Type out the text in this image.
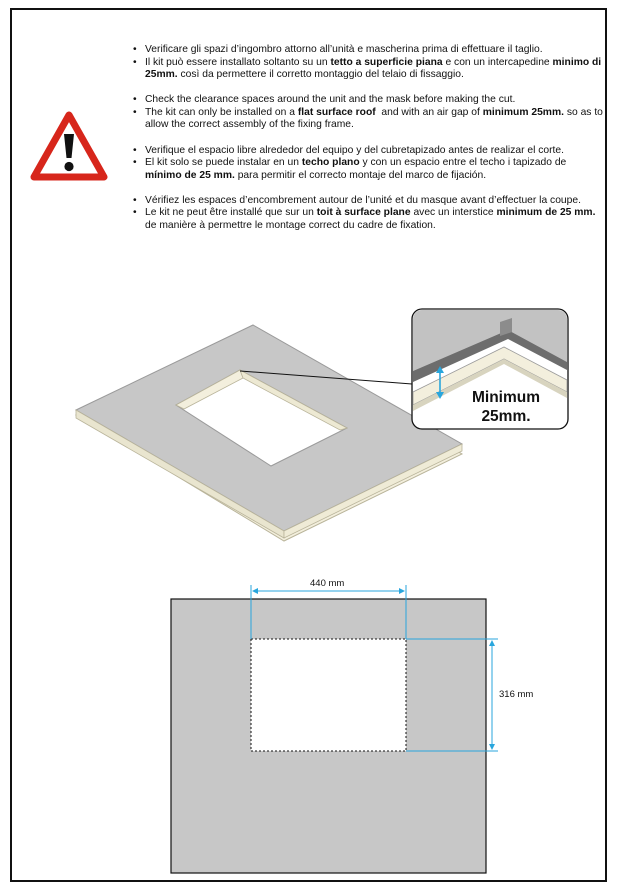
• Verificare gli spazi d’ingombro attorno all’unità e mascherina prima di effettuare il taglio.
• Il kit può essere installato soltanto su un tetto a superficie piana e con un intercapedine minimo di 25mm. così da permettere il corretto montaggio del telaio di fissaggio.
• Check the clearance spaces around the unit and the mask before making the cut.
• The kit can only be installed on a flat surface roof  and with an air gap of minimum 25mm. so as to allow the correct assembly of the fixing frame.
• Verifique el espacio libre alrededor del equipo y del cubretapizado antes de realizar el corte.
• El kit solo se puede instalar en un techo plano y con un espacio entre el techo i tapizado de mínimo de 25 mm. para permitir el correcto montaje del marco de fijación.
• Vérifiez les espaces d’encombrement autour de l’unité et du masque avant d’effectuer la coupe.
• Le kit ne peut être installé que sur un toit à surface plane avec un interstice minimum de 25 mm. de manière à permettre le montage correct du cadre de fixation.
Minimum
25mm.
440 mm
316 mm
